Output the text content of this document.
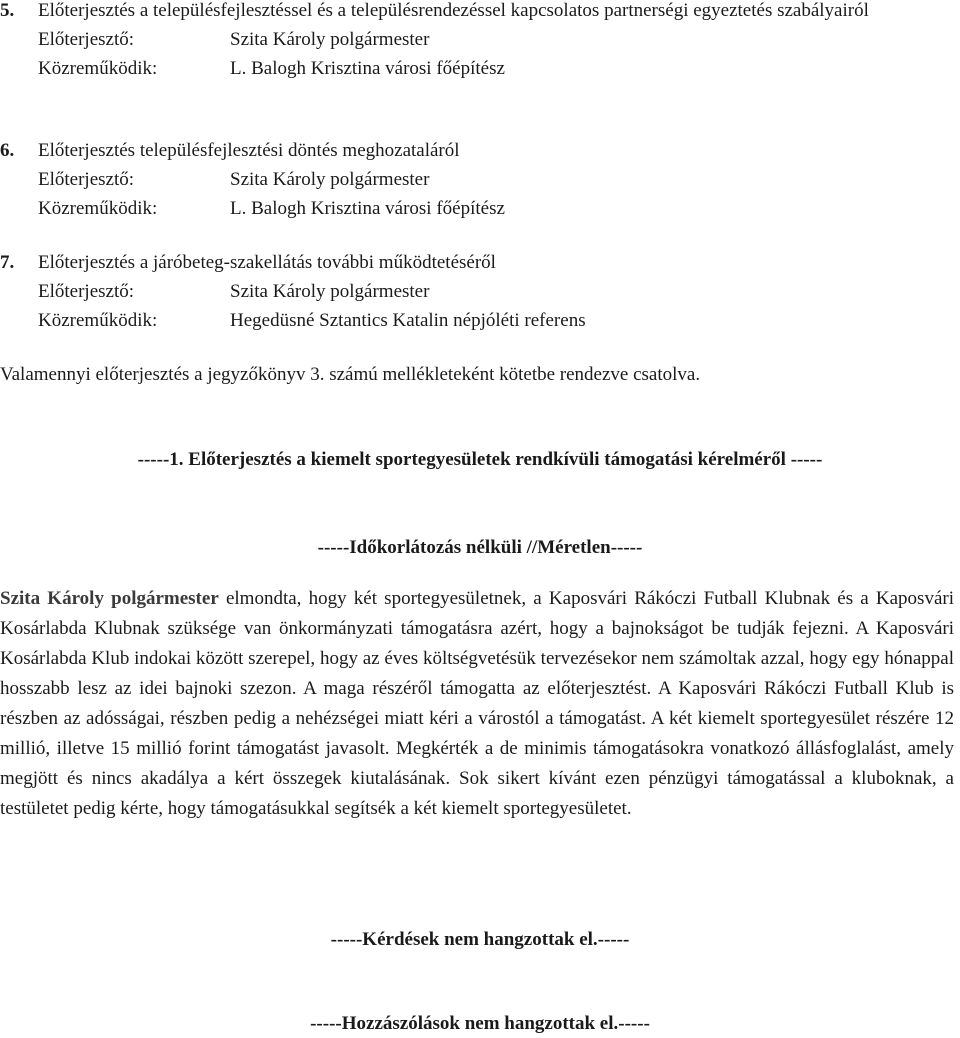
5. Előterjesztés a településfejlesztéssel és a településrendezéssel kapcsolatos partnerségi egyeztetés szabályairól
Előterjesztő:	Szita Károly polgármester
Közreműködik:	L. Balogh Krisztina városi főépítész
6. Előterjesztés településfejlesztési döntés meghozataláról
Előterjesztő:	Szita Károly polgármester
Közreműködik:	L. Balogh Krisztina városi főépítész
7. Előterjesztés a járóbeteg-szakellátás további működtetéséről
Előterjesztő:	Szita Károly polgármester
Közreműködik:	Hegedüsné Sztantics Katalin népjóléti referens
Valamennyi előterjesztés a jegyzőkönyv 3. számú mellékleteként kötetbe rendezve csatolva.
-----1. Előterjesztés a kiemelt sportegyesületek rendkívüli támogatási kérelméről -----
-----Időkorlátozás nélküli //Méretlen-----

Szita Károly polgármester elmondta, hogy két sportegyesületnek, a Kaposvári Rákóczi Futball Klubnak és a Kaposvári Kosárlabda Klubnak szüksége van önkormányzati támogatásra azért, hogy a bajnokságot be tudják fejezni. A Kaposvári Kosárlabda Klub indokai között szerepel, hogy az éves költségvetésük tervezésekor nem számoltak azzal, hogy egy hónappal hosszabb lesz az idei bajnoki szezon. A maga részéről támogatta az előterjesztést. A Kaposvári Rákóczi Futball Klub is részben az adósságai, részben pedig a nehézségei miatt kéri a várostól a támogatást. A két kiemelt sportegyesület részére 12 millió, illetve 15 millió forint támogatást javasolt. Megkérték a de minimis támogatásokra vonatkozó állásfoglalást, amely megjött és nincs akadálya a kért összegek kiutalásának. Sok sikert kívánt ezen pénzügyi támogatással a kluboknak, a testületet pedig kérte, hogy támogatásukkal segítsék a két kiemelt sportegyesületet.

-----Kérdések nem hangzottak el.-----
-----Hozzászólások nem hangzottak el.-----
